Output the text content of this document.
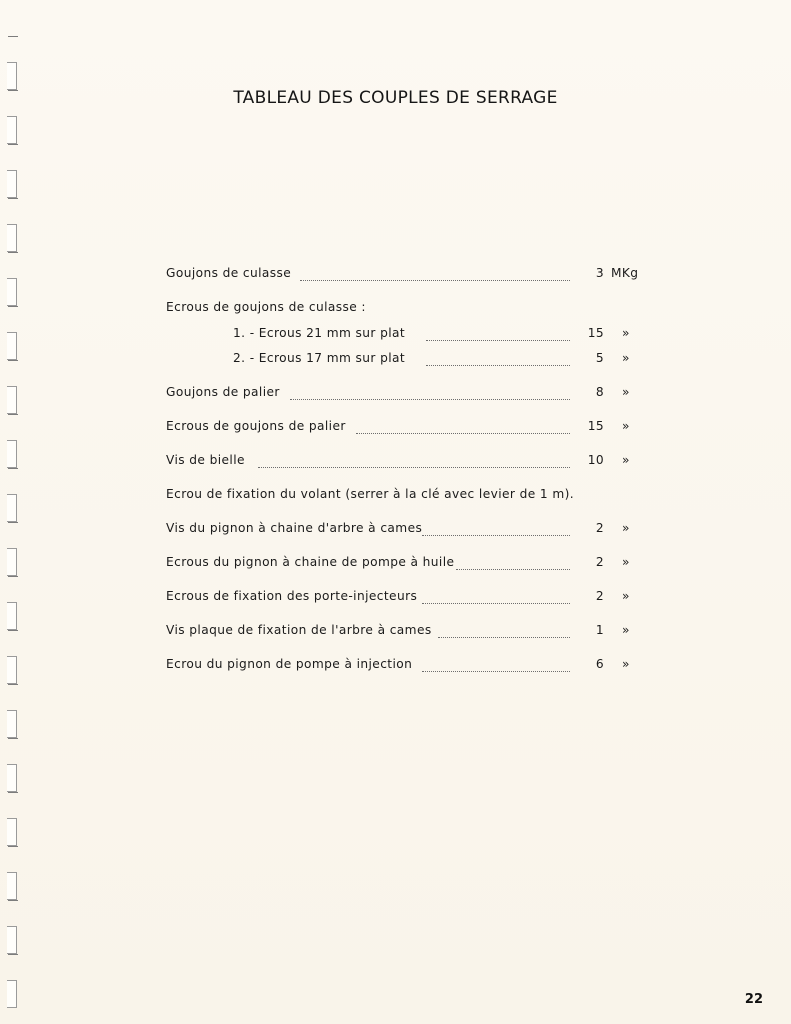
TABLEAU DES COUPLES DE SERRAGE
Goujons de culasse	3 MKg
Ecrous de goujons de culasse :
1. - Ecrous 21 mm sur plat	15 »
2. - Ecrous 17 mm sur plat	5 »
Goujons de palier	8 »
Ecrous de goujons de palier	15 »
Vis de bielle	10 »
Ecrou de fixation du volant (serrer à la clé avec levier de 1 m).
Vis du pignon à chaine d'arbre à cames	2 »
Ecrous du pignon à chaine de pompe à huile	2 »
Ecrous de fixation des porte-injecteurs	2 »
Vis plaque de fixation de l'arbre à cames	1 »
Ecrou du pignon de pompe à injection	6 »
22
